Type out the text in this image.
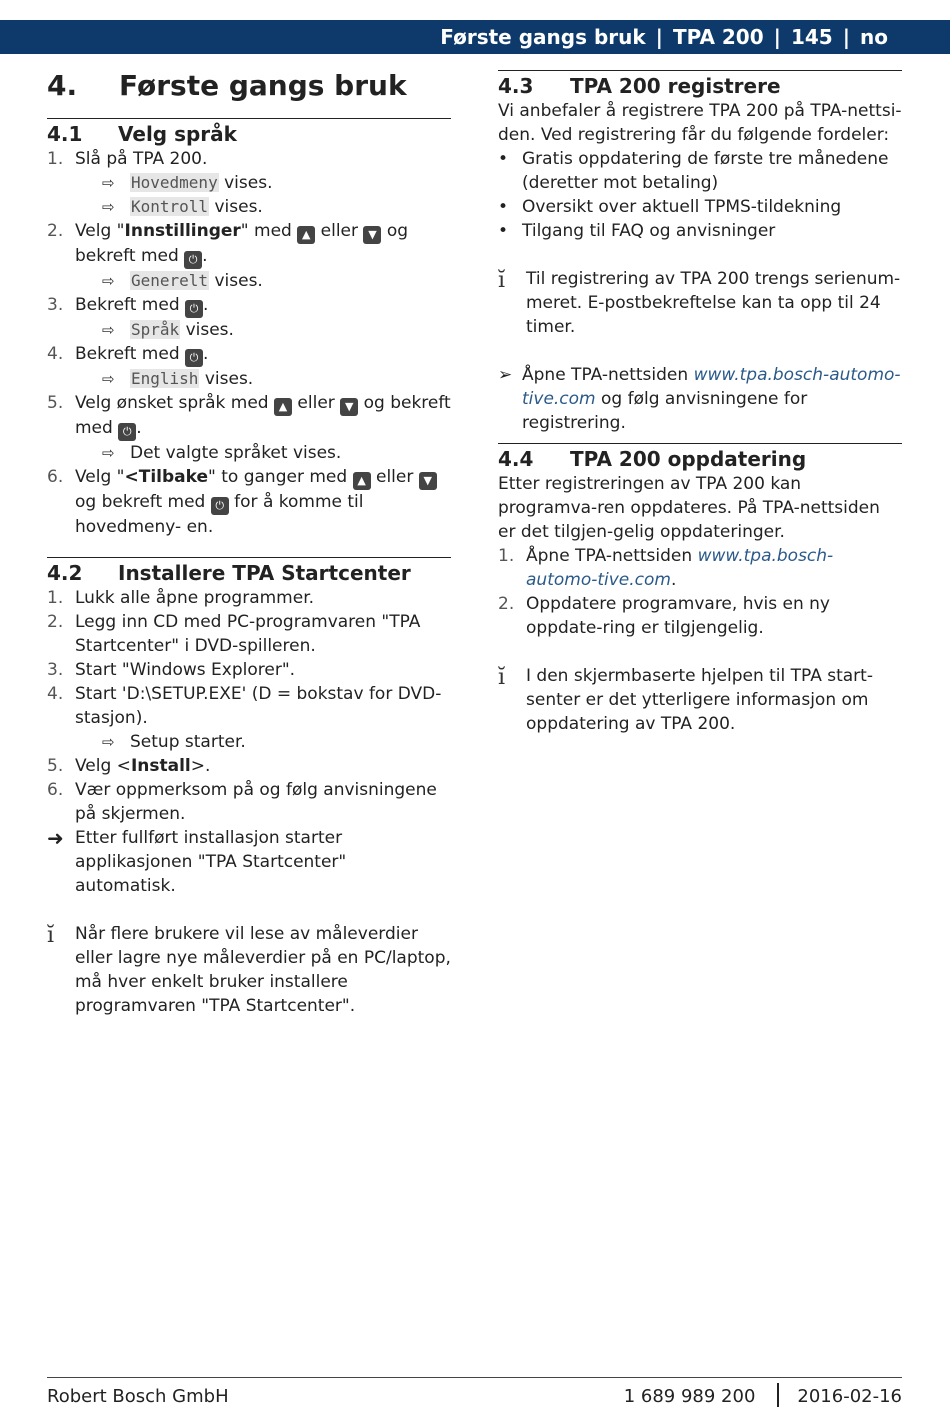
Første gangs bruk | TPA 200 | 145 | no
4. Første gangs bruk
4.1 Velg språk
1. Slå på TPA 200.
⇨ Hovedmeny vises.
⇨ Kontroll vises.
2. Velg "Innstillinger" med ▲ eller ▼ og bekreft med ⏻ .
⇨ Generelt vises.
3. Bekreft med ⏻ .
⇨ Språk vises.
4. Bekreft med ⏻ .
⇨ English vises.
5. Velg ønsket språk med ▲ eller ▼ og bekreft med ⏻ .
⇨ Det valgte språket vises.
6. Velg "<Tilbake" to ganger med ▲ eller ▼ og bekreft med ⏻ for å komme til hovedmeny- en.
4.2 Installere TPA Startcenter
1. Lukk alle åpne programmer.
2. Legg inn CD med PC-programvaren "TPA Startcenter" i DVD-spilleren.
3. Start "Windows Explorer".
4. Start 'D:\SETUP.EXE' (D = bokstav for DVD-stasjon).
⇨ Setup starter.
5. Velg <Install>.
6. Vær oppmerksom på og følg anvisningene på skjermen.
➜ Etter fullført installasjon starter applikasjonen "TPA Startcenter" automatisk.
ĭ Når flere brukere vil lese av måleverdier eller lagre nye måleverdier på en PC/laptop, må hver enkelt bruker installere programvaren "TPA Startcenter".
4.3 TPA 200 registrere

Vi anbefaler å registrere TPA 200 på TPA-nettsi-den. Ved registrering får du følgende fordeler:

• Gratis oppdatering de første tre månedene (deretter mot betaling)
• Oversikt over aktuell TPMS-tildekning
• Tilgang til FAQ og anvisninger
ĭ Til registrering av TPA 200 trengs serienum-meret. E-postbekreftelse kan ta opp til 24 timer.
➢ Åpne TPA-nettsiden www.tpa.bosch-automo-tive.com og følg anvisningene for registrering.
4.4 TPA 200 oppdatering

Etter registreringen av TPA 200 kan programva-ren oppdateres. På TPA-nettsiden er det tilgjen-gelig oppdateringer.

1. Åpne TPA-nettsiden www.tpa.bosch-automo-tive.com.
2. Oppdatere programvare, hvis en ny oppdate-ring er tilgjengelig.
ĭ I den skjermbaserte hjelpen til TPA start-senter er det ytterligere informasjon om oppdatering av TPA 200.
Robert Bosch GmbH	1 689 989 200 2016-02-16
